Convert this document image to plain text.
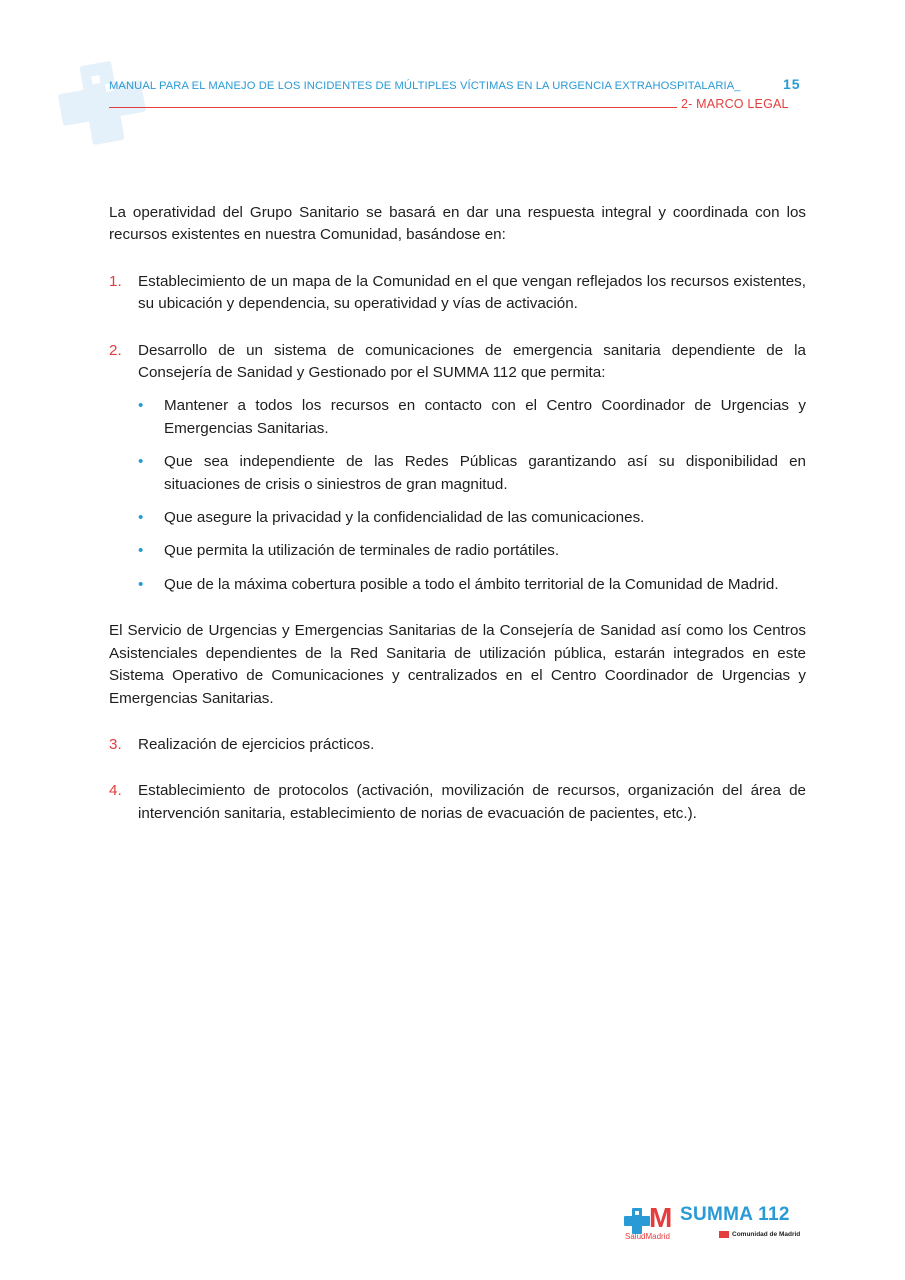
MANUAL PARA EL MANEJO DE LOS INCIDENTES DE MÚLTIPLES VÍCTIMAS EN LA URGENCIA EXTRAHOSPITALARIA_	15
2- MARCO LEGAL

La operatividad del Grupo Sanitario se basará en dar una respuesta integral y coordinada con los recursos existentes en nuestra Comunidad, basándose en:

1.	Establecimiento de un mapa de la Comunidad en el que vengan reflejados los recursos existentes, su ubicación y dependencia, su operatividad y vías de activación.

2.	Desarrollo de un sistema de comunicaciones de emergencia sanitaria dependiente de la Consejería de Sanidad y Gestionado por el SUMMA 112 que permita:

•	Mantener a todos los recursos en contacto con el Centro Coordinador de Urgencias y Emergencias Sanitarias.
•	Que sea independiente de las Redes Públicas garantizando así su disponibilidad en situaciones de crisis o siniestros de gran magnitud.
•	Que asegure la privacidad y la confidencialidad de las comunicaciones.
•	Que permita la utilización de terminales de radio portátiles.
•	Que de la máxima cobertura posible a todo el ámbito territorial de la Comunidad de Madrid.

El Servicio de Urgencias y Emergencias Sanitarias de la Consejería de Sanidad así como los Centros Asistenciales dependientes de la Red Sanitaria de utilización pública, estarán integrados en este Sistema Operativo de Comunicaciones y centralizados en el Centro Coordinador de Urgencias y Emergencias Sanitarias.

3.	Realización de ejercicios prácticos.

4.	Establecimiento de protocolos (activación, movilización de recursos, organización del área de intervención sanitaria, establecimiento de norias de evacuación de pacientes, etc.).

M
SaludMadrid
SUMMA 112
Comunidad de Madrid
